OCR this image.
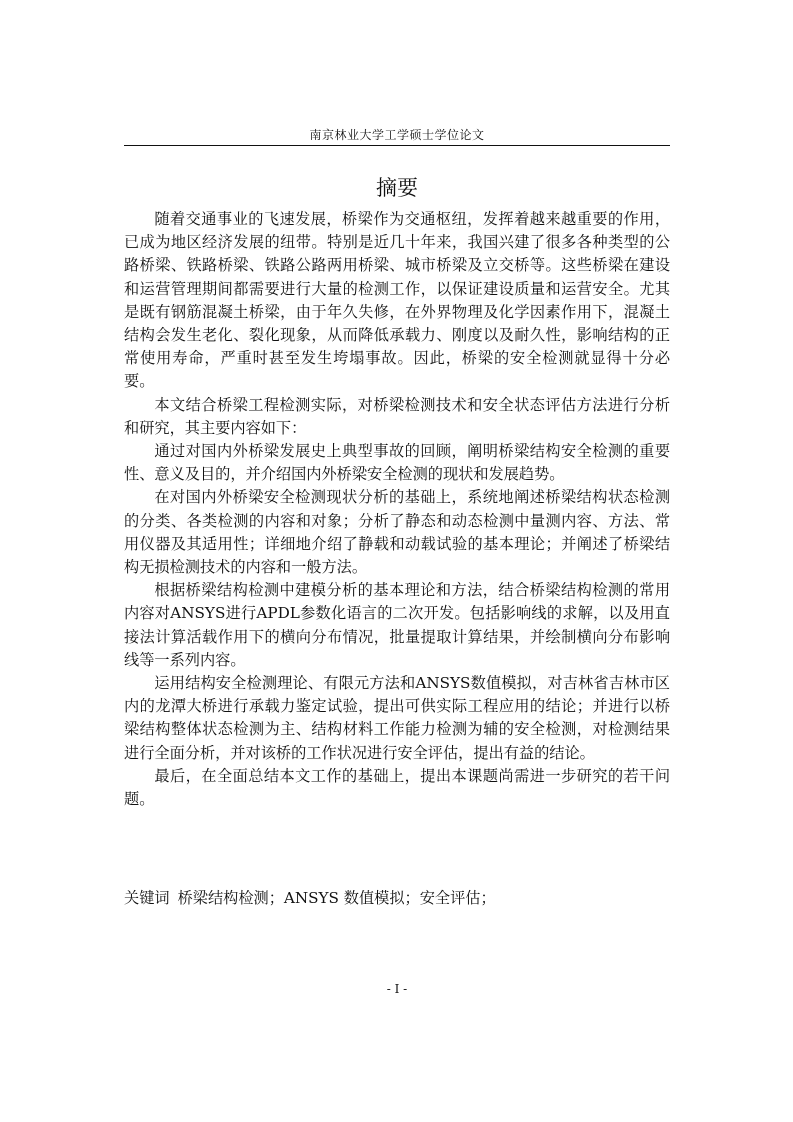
南京林业大学工学硕士学位论文
摘要

随着交通事业的飞速发展，桥梁作为交通枢纽，发挥着越来越重要的作用，已成为地区经济发展的纽带。特别是近几十年来，我国兴建了很多各种类型的公路桥梁、铁路桥梁、铁路公路两用桥梁、城市桥梁及立交桥等。这些桥梁在建设和运营管理期间都需要进行大量的检测工作，以保证建设质量和运营安全。尤其是既有钢筋混凝土桥梁，由于年久失修，在外界物理及化学因素作用下，混凝土结构会发生老化、裂化现象，从而降低承载力、刚度以及耐久性，影响结构的正常使用寿命，严重时甚至发生垮塌事故。因此，桥梁的安全检测就显得十分必要。

本文结合桥梁工程检测实际，对桥梁检测技术和安全状态评估方法进行分析和研究，其主要内容如下：

通过对国内外桥梁发展史上典型事故的回顾，阐明桥梁结构安全检测的重要性、意义及目的，并介绍国内外桥梁安全检测的现状和发展趋势。

在对国内外桥梁安全检测现状分析的基础上，系统地阐述桥梁结构状态检测的分类、各类检测的内容和对象；分析了静态和动态检测中量测内容、方法、常用仪器及其适用性；详细地介绍了静载和动载试验的基本理论；并阐述了桥梁结构无损检测技术的内容和一般方法。

根据桥梁结构检测中建模分析的基本理论和方法，结合桥梁结构检测的常用内容对ANSYS进行APDL参数化语言的二次开发。包括影响线的求解，以及用直接法计算活载作用下的横向分布情况，批量提取计算结果，并绘制横向分布影响线等一系列内容。

运用结构安全检测理论、有限元方法和ANSYS数值模拟，对吉林省吉林市区内的龙潭大桥进行承载力鉴定试验，提出可供实际工程应用的结论；并进行以桥梁结构整体状态检测为主、结构材料工作能力检测为辅的安全检测，对检测结果进行全面分析，并对该桥的工作状况进行安全评估，提出有益的结论。

最后，在全面总结本文工作的基础上，提出本课题尚需进一步研究的若干问题。

关键词 桥梁结构检测；ANSYS 数值模拟；安全评估；
- I -
